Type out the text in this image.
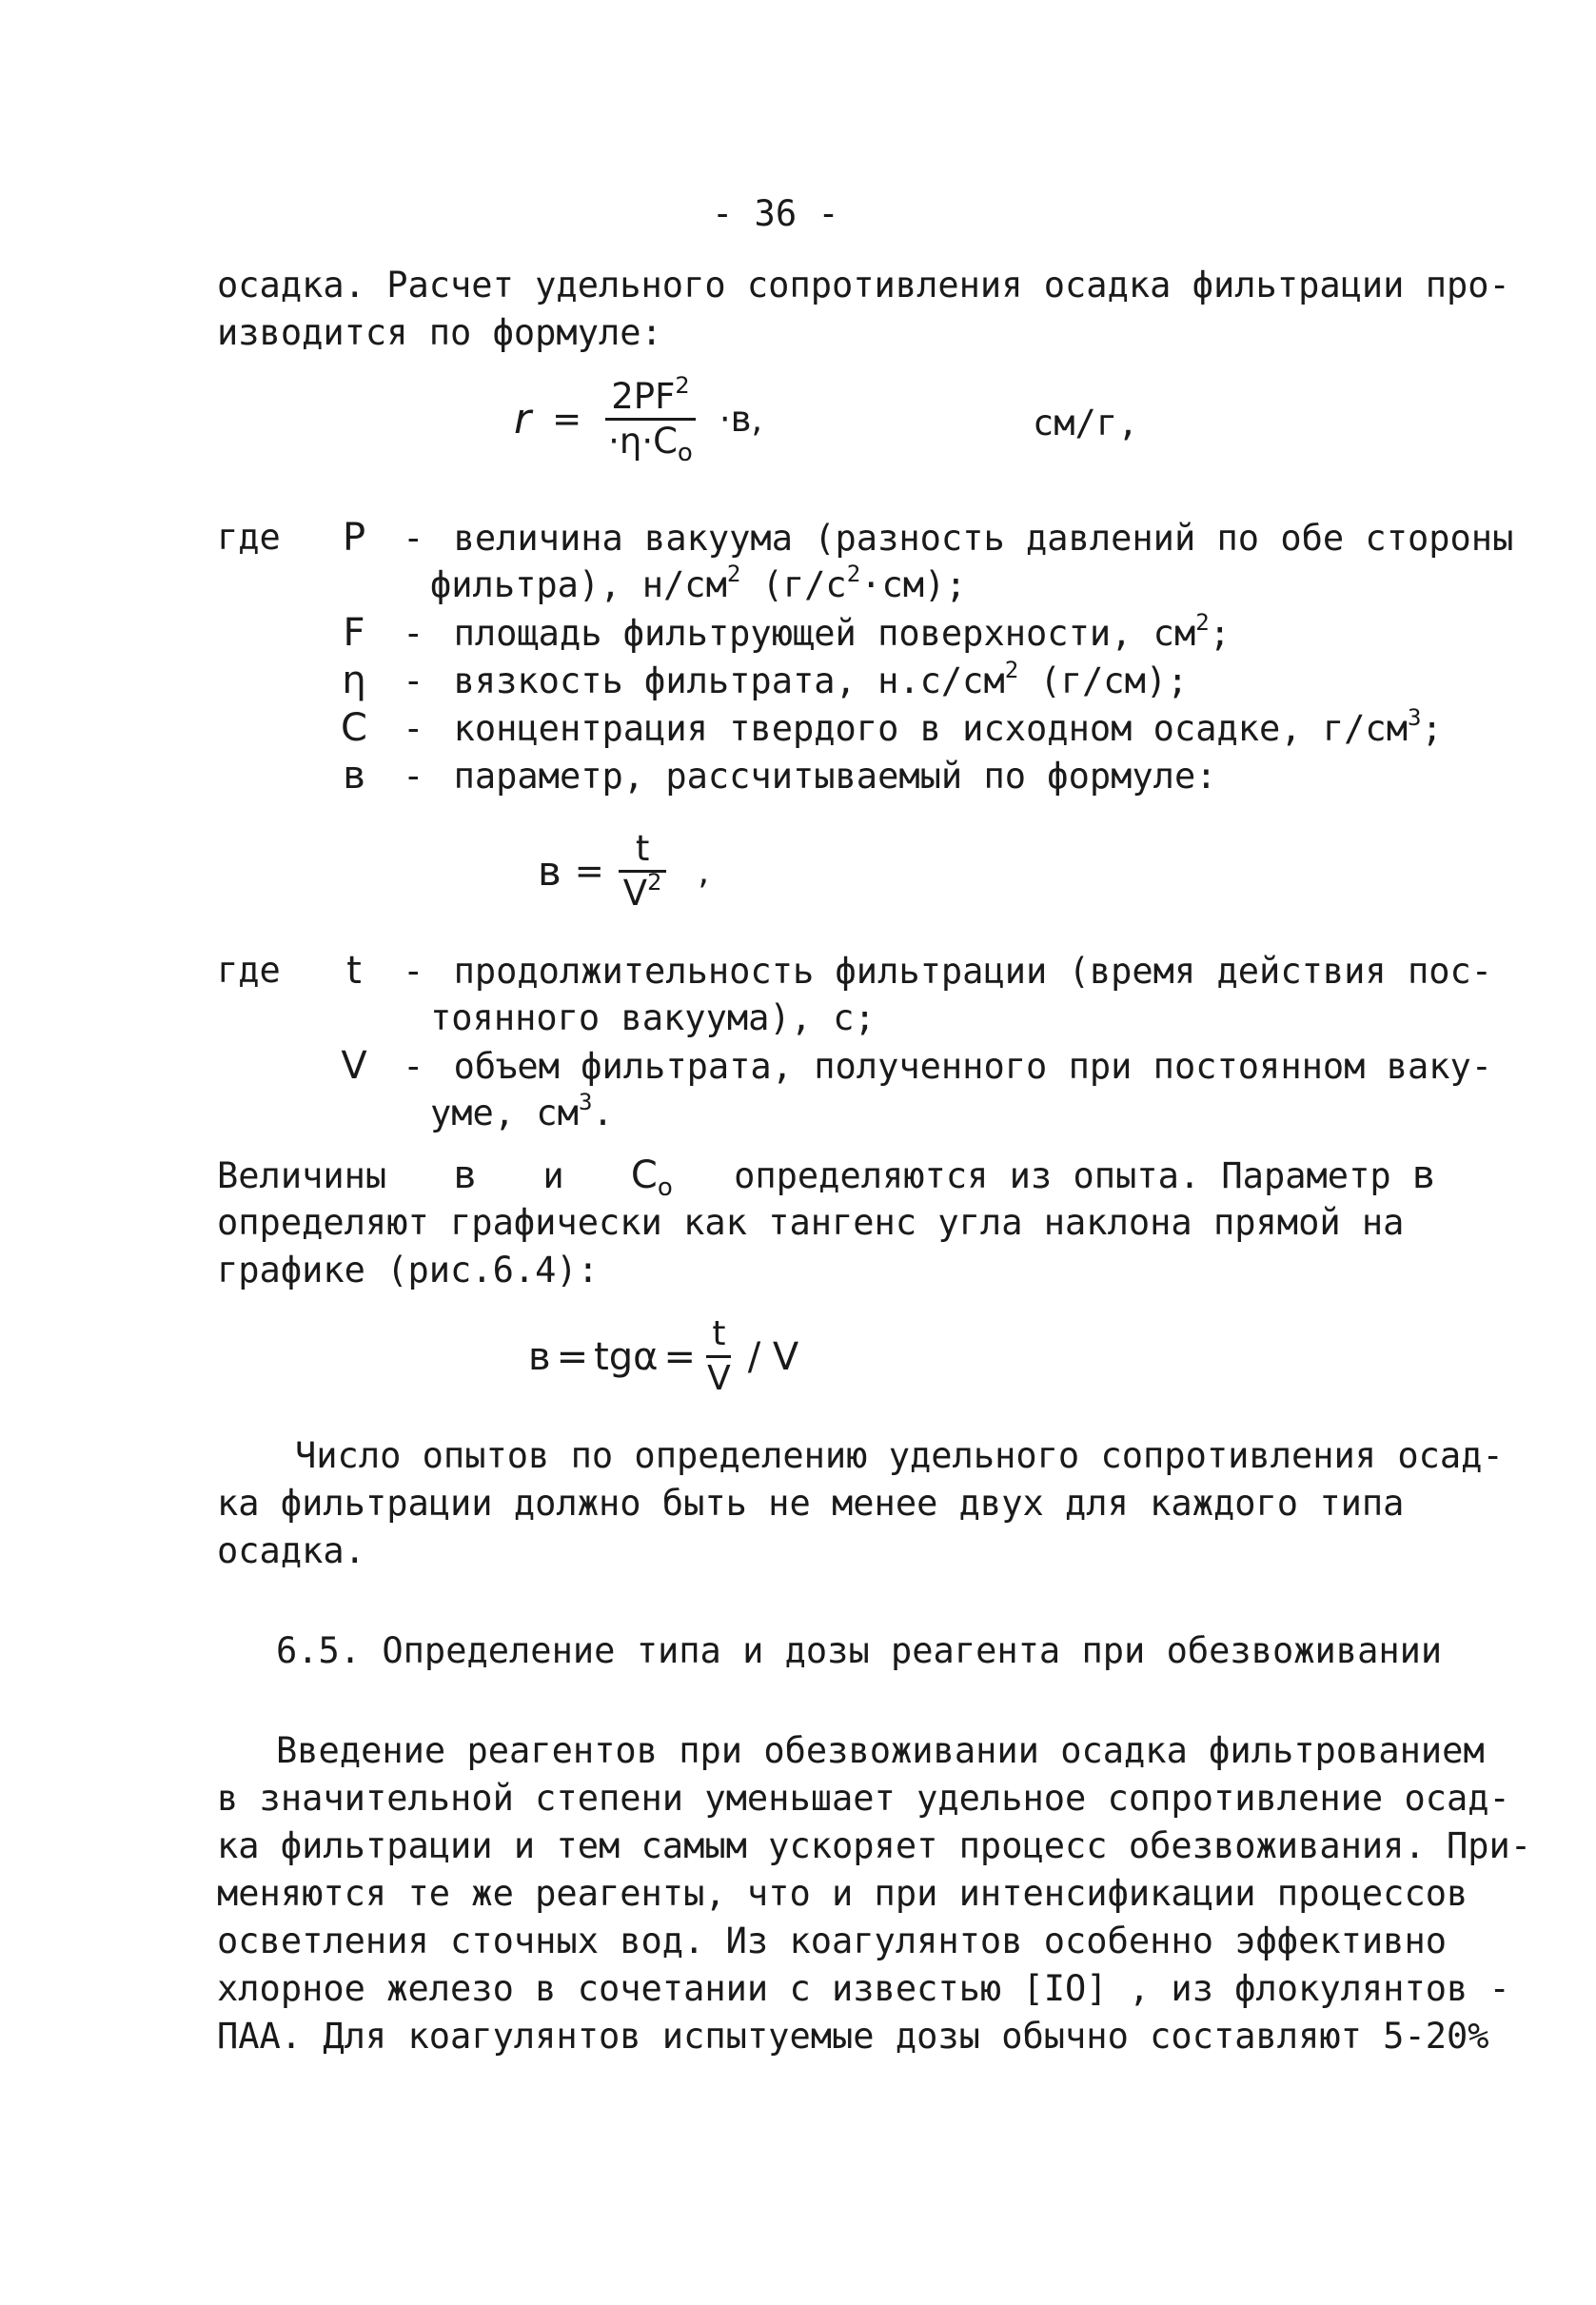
- 36 -
осадка. Расчет удельного сопротивления осадка фильтрации про-
изводится по формуле:
$r = \frac{2PF^2}{\cdot\eta\cdot C_o} \cdot в$,	см/г,
где P - величина вакуума (разность давлений по обе стороны
фильтра), $н/см^2$ $(г/с^2\cdot см)$;
F - площадь фильтрующей поверхности, $см^2$;
η - вязкость фильтрата, $н.с/см^2$ (г/см);
C - концентрация твердого в исходном осадке, $г/см^3$;
в - параметр, рассчитываемый по формуле:
$в = \frac{t}{V^2}$ ,
где	t - продолжительность фильтрации (время действия пос-
тоянного вакуума), с;
V - объем фильтрата, полученного при постоянном ваку-
уме, $см^3$.
Величины в и $C_o$ определяются из опыта. Параметр в
определяют графически как тангенс угла наклона прямой на
графике (рис.6.4):
$в = tg\alpha = \frac{t}{V} / V$
Число опытов по определению удельного сопротивления осад-
ка фильтрации должно быть не менее двух для каждого типа
осадка.
6.5. Определение типа и дозы реагента при обезвоживании
Введение реагентов при обезвоживании осадка фильтрованием
в значительной степени уменьшает удельное сопротивление осад-
ка фильтрации и тем самым ускоряет процесс обезвоживания. При-
меняются те же реагенты, что и при интенсификации процессов
осветления сточных вод. Из коагулянтов особенно эффективно
хлорное железо в сочетании с известью [IO] , из флокулянтов -
ПАА. Для коагулянтов испытуемые дозы обычно составляют 5-20%
